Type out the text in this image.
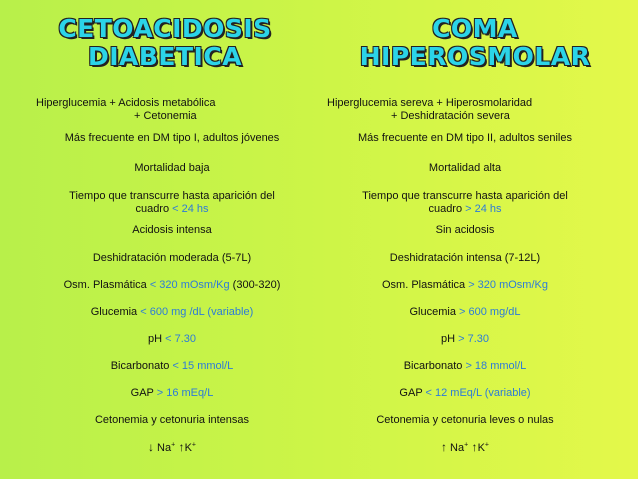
CETOACIDOSIS
DIABETICA
COMA
HIPEROSMOLAR
Hiperglucemia + Acidosis metabólica
+ Cetonemia
Más frecuente en DM tipo I, adultos jóvenes
Mortalidad baja
Tiempo que transcurre hasta aparición del
cuadro < 24 hs
Acidosis intensa
Deshidratación moderada (5-7L)
Osm. Plasmática < 320 mOsm/Kg (300-320)
Glucemia < 600 mg /dL (variable)
pH < 7.30
Bicarbonato < 15 mmol/L
GAP > 16 mEq/L
Cetonemia y cetonuria intensas
↓ Na+ ↑K+
Hiperglucemia sereva + Hiperosmolaridad
+ Deshidratación severa
Más frecuente en DM tipo II, adultos seniles
Mortalidad alta
Tiempo que transcurre hasta aparición del
cuadro > 24 hs
Sin acidosis
Deshidratación intensa (7-12L)
Osm. Plasmática > 320 mOsm/Kg
Glucemia > 600 mg/dL
pH > 7.30
Bicarbonato > 18 mmol/L
GAP < 12 mEq/L (variable)
Cetonemia y cetonuria leves o nulas
↑ Na+ ↑K+
